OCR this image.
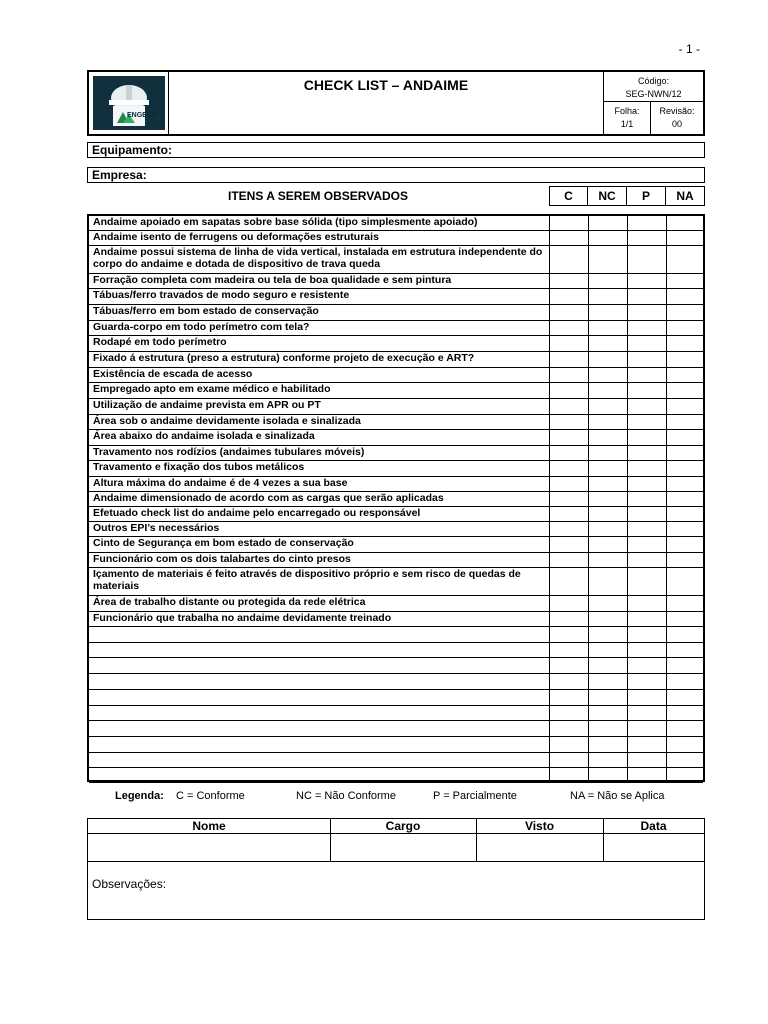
- 1 -
ENGEST
CHECK LIST – ANDAIME	Código:
SEG-NWN/12
Folha:
1/1
Revisão:
00
Equipamento:
Empresa:
ITENS A SEREM OBSERVADOS	C	NC	P	NA
Andaime apoiado em sapatas sobre base sólida (tipo simplesmente apoiado)
Andaime isento de ferrugens ou deformações estruturais
Andaime possui sistema de linha de vida vertical, instalada em estrutura independente do corpo do andaime e dotada de dispositivo de trava queda
Forração completa com madeira ou tela de boa qualidade e sem pintura
Tábuas/ferro travados de modo seguro e resistente
Tábuas/ferro em bom estado de conservação
Guarda-corpo em todo perímetro com tela?
Rodapé em todo perímetro
Fixado á estrutura (preso a estrutura) conforme projeto de execução e ART?
Existência de escada de acesso
Empregado apto em exame médico e habilitado
Utilização de andaime prevista em APR ou PT
Área sob o andaime devidamente isolada e sinalizada
Área abaixo do andaime isolada e sinalizada
Travamento nos rodízios (andaimes tubulares móveis)
Travamento e fixação dos tubos metálicos
Altura máxima do andaime é de 4 vezes a sua base
Andaime dimensionado de acordo com as cargas que serão aplicadas
Efetuado check list do andaime pelo encarregado ou responsável
Outros EPI’s necessários
Cinto de Segurança em bom estado de conservação
Funcionário com os dois talabartes do cinto presos
Içamento de materiais é feito através de dispositivo próprio e sem risco de quedas de materiais
Área de trabalho distante ou protegida da rede elétrica
Funcionário que trabalha no andaime devidamente treinado
Legenda: C = Conforme	NC = Não Conforme	P = Parcialmente	NA = Não se Aplica
Nome	Cargo	Visto	Data
Observações:
